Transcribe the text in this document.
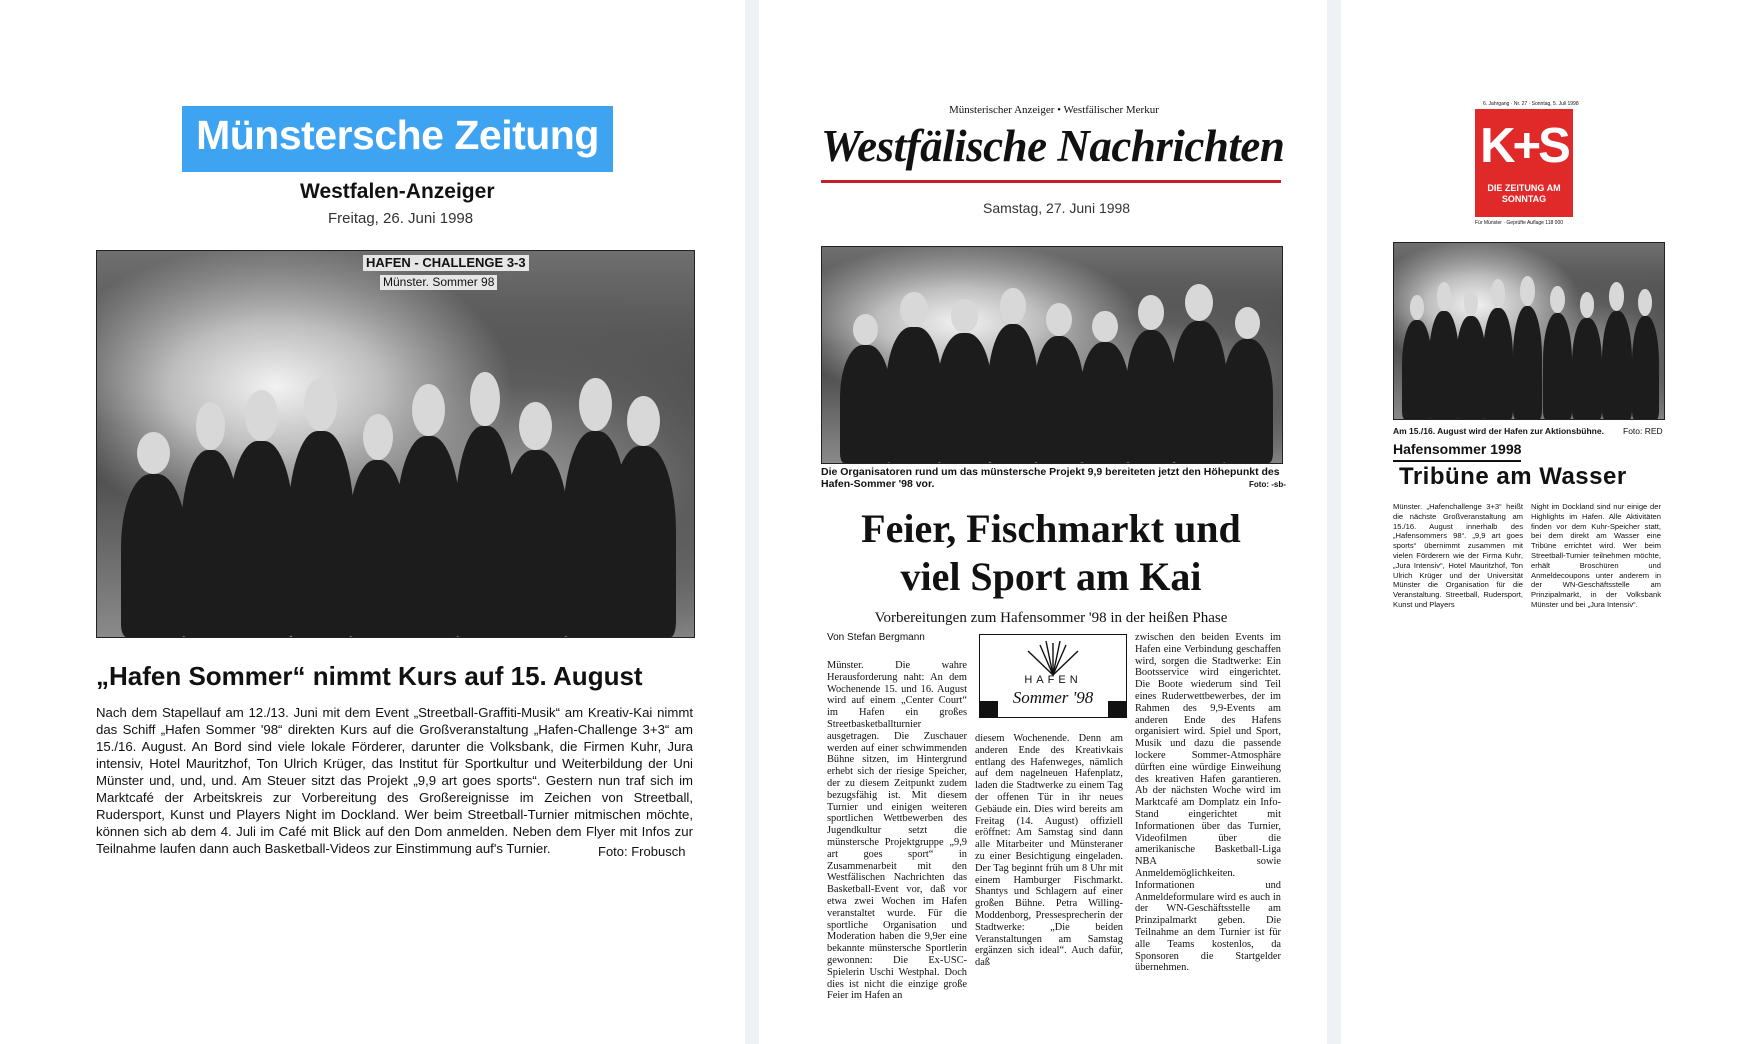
Münstersche Zeitung
Westfalen-Anzeiger
Freitag, 26. Juni 1998
HAFEN - CHALLENGE 3-3
Münster. Sommer 98
„Hafen Sommer“ nimmt Kurs auf 15. August
Nach dem Stapellauf am 12./13. Juni mit dem Event „Streetball-Graffiti-Musik“ am Kreativ-Kai nimmt das Schiff „Hafen Sommer '98“ direkten Kurs auf die Großveranstaltung „Hafen-Challenge 3+3“ am 15./16. August. An Bord sind viele lokale Förderer, darunter die Volksbank, die Firmen Kuhr, Jura intensiv, Hotel Mauritzhof, Ton Ulrich Krüger, das Institut für Sportkultur und Weiterbildung der Uni Münster und, und, und. Am Steuer sitzt das Projekt „9,9 art goes sports“. Gestern nun traf sich im Marktcafé der Arbeitskreis zur Vorbereitung des Großereignisse im Zeichen von Streetball, Rudersport, Kunst und Players Night im Dockland. Wer beim Streetball-Turnier mitmischen möchte, können sich ab dem 4. Juli im Café mit Blick auf den Dom anmelden. Neben dem Flyer mit Infos zur Teilnahme laufen dann auch Basketball-Videos zur Einstimmung auf's Turnier.	Foto: Frobusch
Münsterischer Anzeiger • Westfälischer Merkur
Westfälische Nachrichten
Samstag, 27. Juni 1998
Die Organisatoren rund um das münstersche Projekt 9,9 bereiteten jetzt den Höhepunkt des Hafen-Sommer '98 vor.	Foto: -sb-
Feier, Fischmarkt und
viel Sport am Kai
Vorbereitungen zum Hafensommer '98 in der heißen Phase
Von Stefan Bergmann
HAFEN
Sommer '98
Münster. Die wahre Herausforderung naht: An dem Wochenende 15. und 16. August wird auf einem „Center Court“ im Hafen ein großes Streetbasketballturnier ausgetragen. Die Zuschauer werden auf einer schwimmenden Bühne sitzen, im Hintergrund erhebt sich der riesige Speicher, der zu diesem Zeitpunkt zudem bezugsfähig ist. Mit diesem Turnier und einigen weiteren sportlichen Wettbewerben des Jugendkultur setzt die münstersche Projektgruppe „9,9 art goes sport“ in Zusammenarbeit mit den Westfälischen Nachrichten das Basketball-Event vor, daß vor etwa zwei Wochen im Hafen veranstaltet wurde. Für die sportliche Organisation und Moderation haben die 9,9er eine bekannte münstersche Sportlerin gewonnen: Die Ex-USC-Spielerin Uschi Westphal. Doch dies ist nicht die einzige große Feier im Hafen an
diesem Wochenende. Denn am anderen Ende des Kreativkais entlang des Hafenweges, nämlich auf dem nagelneuen Hafenplatz, laden die Stadtwerke zu einem Tag der offenen Tür in ihr neues Gebäude ein. Dies wird bereits am Freitag (14. August) offiziell eröffnet: Am Samstag sind dann alle Mitarbeiter und Münsteraner zu einer Besichtigung eingeladen. Der Tag beginnt früh um 8 Uhr mit einem Hamburger Fischmarkt. Shantys und Schlagern auf einer großen Bühne. Petra Willing-Moddenborg, Pressesprecherin der Stadtwerke: „Die beiden Veranstaltungen am Samstag ergänzen sich ideal“. Auch dafür, daß
zwischen den beiden Events im Hafen eine Verbindung geschaffen wird, sorgen die Stadtwerke: Ein Bootsservice wird eingerichtet. Die Boote wiederum sind Teil eines Ruderwettbewerbes, der im Rahmen des 9,9-Events am anderen Ende des Hafens organisiert wird. Spiel und Sport, Musik und dazu die passende lockere Sommer-Atmosphäre dürften eine würdige Einweihung des kreativen Hafen garantieren. Ab der nächsten Woche wird im Marktcafé am Domplatz ein Info-Stand eingerichtet mit Informationen über das Turnier, Videofilmen über die amerikanische Basketball-Liga NBA sowie Anmeldemöglichkeiten. Informationen und Anmeldeformulare wird es auch in der WN-Geschäftsstelle am Prinzipalmarkt geben. Die Teilnahme an dem Turnier ist für alle Teams kostenlos, da Sponsoren die Startgelder übernehmen.
6. Jahrgang · Nr. 27 · Sonntag, 5. Juli 1998
K+S
DIE ZEITUNG AM SONNTAG
Für Münster · Geprüfte Auflage 118 000
Am 15./16. August wird der Hafen zur Aktionsbühne. Foto: RED
Hafensommer 1998
Tribüne am Wasser
Münster. „Hafenchallenge 3+3“ heißt die nächste Großveranstaltung am 15./16. August innerhalb des „Hafensommers 98“. „9,9 art goes sports“ übernimmt zusammen mit vielen Förderern wie der Firma Kuhr, „Jura Intensiv“, Hotel Mauritzhof, Ton Ulrich Krüger und der Universität Münster die Organisation für die Veranstaltung. Streetball, Rudersport, Kunst und Players
Night im Dockland sind nur einige der Highlights im Hafen. Alle Aktivitäten finden vor dem Kuhr-Speicher statt, bei dem direkt am Wasser eine Tribüne errichtet wird. Wer beim Streetball-Turnier teilnehmen möchte, erhält Broschüren und Anmeldecoupons unter anderem in der WN-Geschäftsstelle am Prinzipalmarkt, in der Volksbank Münster und bei „Jura Intensiv“.
